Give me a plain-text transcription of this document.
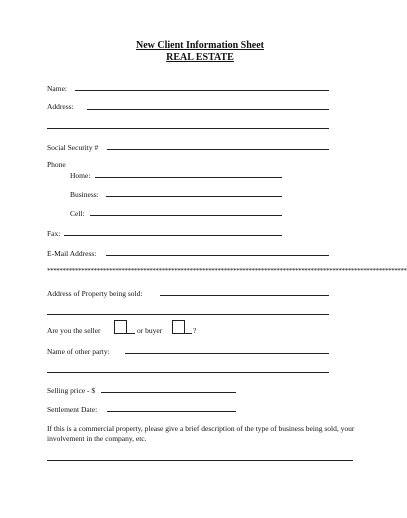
New Client Information Sheet
REAL ESTATE
Name:
Address:
Social Security #
Phone
Home:
Business:
Cell:
Fax:
E-Mail Address:
********************************************************************************************************************
Address of Property being sold:
Are you the seller	or buyer	?
Name of other party:
Selling price - $
Settlement Date:
If this is a commercial property, please give a brief description of the type of business being sold, your involvement in the company, etc.
